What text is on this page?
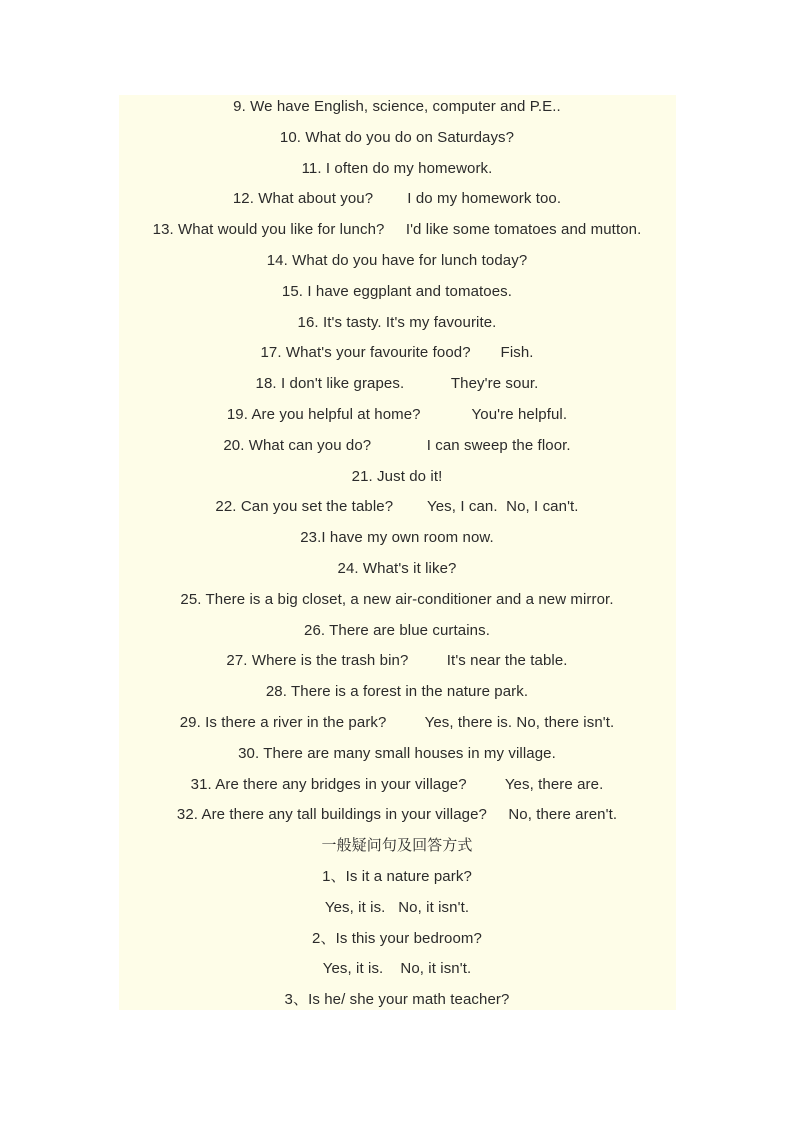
9. We have English, science, computer and P.E..
10. What do you do on Saturdays?
11. I often do my homework.
12. What about you?        I do my homework too.
13. What would you like for lunch?     I'd like some tomatoes and mutton.
14. What do you have for lunch today?
15. I have eggplant and tomatoes.
16. It's tasty. It's my favourite.
17. What's your favourite food?       Fish.
18. I don't like grapes.           They're sour.
19. Are you helpful at home?            You're helpful.
20. What can you do?             I can sweep the floor.
21. Just do it!
22. Can you set the table?        Yes, I can.  No, I can't.
23.I have my own room now.
24. What's it like?
25. There is a big closet, a new air-conditioner and a new mirror.
26. There are blue curtains.
27. Where is the trash bin?         It's near the table.
28. There is a forest in the nature park.
29. Is there a river in the park?         Yes, there is. No, there isn't.
30. There are many small houses in my village.
31. Are there any bridges in your village?         Yes, there are.
32. Are there any tall buildings in your village?     No, there aren't.
一般疑问句及回答方式
1、Is it a nature park?
Yes, it is.   No, it isn't.
2、Is this your bedroom?
Yes, it is.    No, it isn't.
3、Is he/ she your math teacher?
